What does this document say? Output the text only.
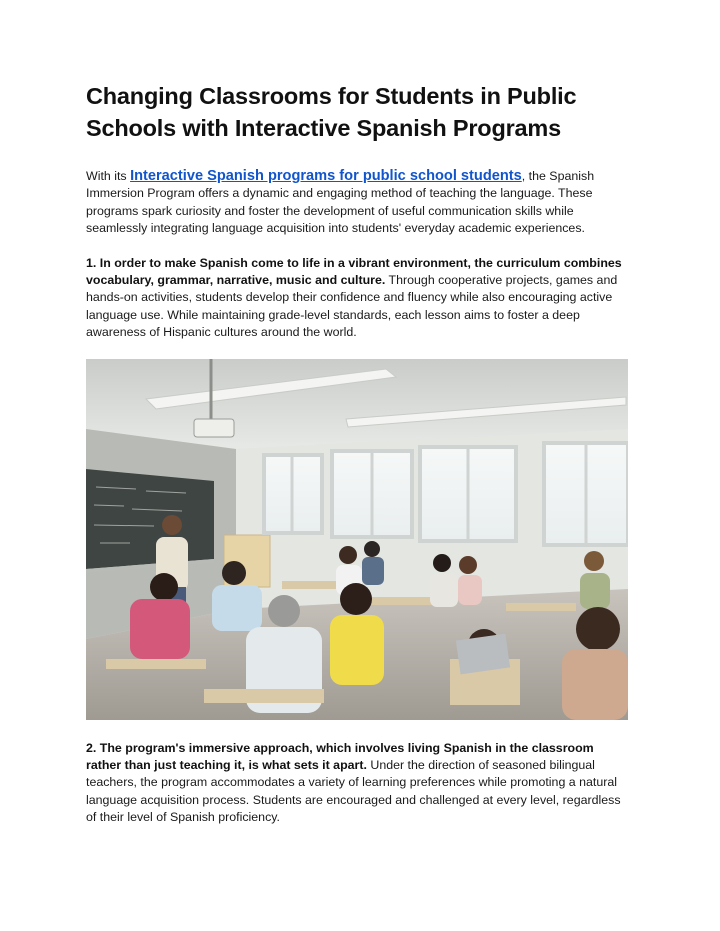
Changing Classrooms for Students in Public Schools with Interactive Spanish Programs

With its Interactive Spanish programs for public school students, the Spanish Immersion Program offers a dynamic and engaging method of teaching the language. These programs spark curiosity and foster the development of useful communication skills while seamlessly integrating language acquisition into students' everyday academic experiences.

1. In order to make Spanish come to life in a vibrant environment, the curriculum combines vocabulary, grammar, narrative, music and culture. Through cooperative projects, games and hands-on activities, students develop their confidence and fluency while also encouraging active language use. While maintaining grade-level standards, each lesson aims to foster a deep awareness of Hispanic cultures around the world.

2. The program's immersive approach, which involves living Spanish in the classroom rather than just teaching it, is what sets it apart. Under the direction of seasoned bilingual teachers, the program accommodates a variety of learning preferences while promoting a natural language acquisition process. Students are encouraged and challenged at every level, regardless of their level of Spanish proficiency.
